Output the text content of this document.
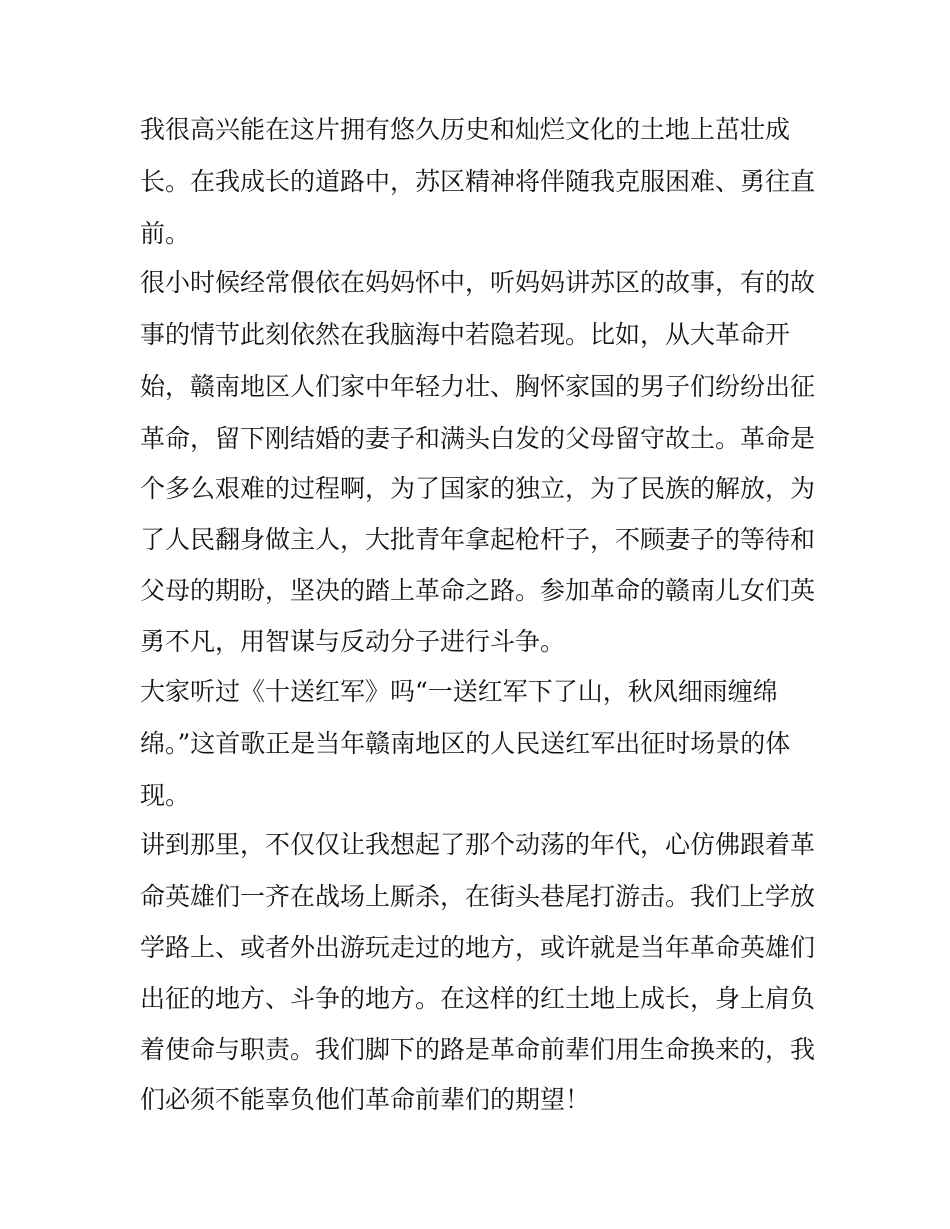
我很高兴能在这片拥有悠久历史和灿烂文化的土地上茁壮成

长。在我成长的道路中，苏区精神将伴随我克服困难、勇往直

前。

很小时候经常偎依在妈妈怀中，听妈妈讲苏区的故事，有的故

事的情节此刻依然在我脑海中若隐若现。比如，从大革命开

始，赣南地区人们家中年轻力壮、胸怀家国的男子们纷纷出征

革命，留下刚结婚的妻子和满头白发的父母留守故土。革命是

个多么艰难的过程啊，为了国家的独立，为了民族的解放，为

了人民翻身做主人，大批青年拿起枪杆子，不顾妻子的等待和

父母的期盼，坚决的踏上革命之路。参加革命的赣南儿女们英

勇不凡，用智谋与反动分子进行斗争。

大家听过《十送红军》吗“一送红军下了山，秋风细雨缠绵

绵。”这首歌正是当年赣南地区的人民送红军出征时场景的体

现。

讲到那里，不仅仅让我想起了那个动荡的年代，心仿佛跟着革

命英雄们一齐在战场上厮杀，在街头巷尾打游击。我们上学放

学路上、或者外出游玩走过的地方，或许就是当年革命英雄们

出征的地方、斗争的地方。在这样的红土地上成长，身上肩负

着使命与职责。我们脚下的路是革命前辈们用生命换来的，我

们必须不能辜负他们革命前辈们的期望！
